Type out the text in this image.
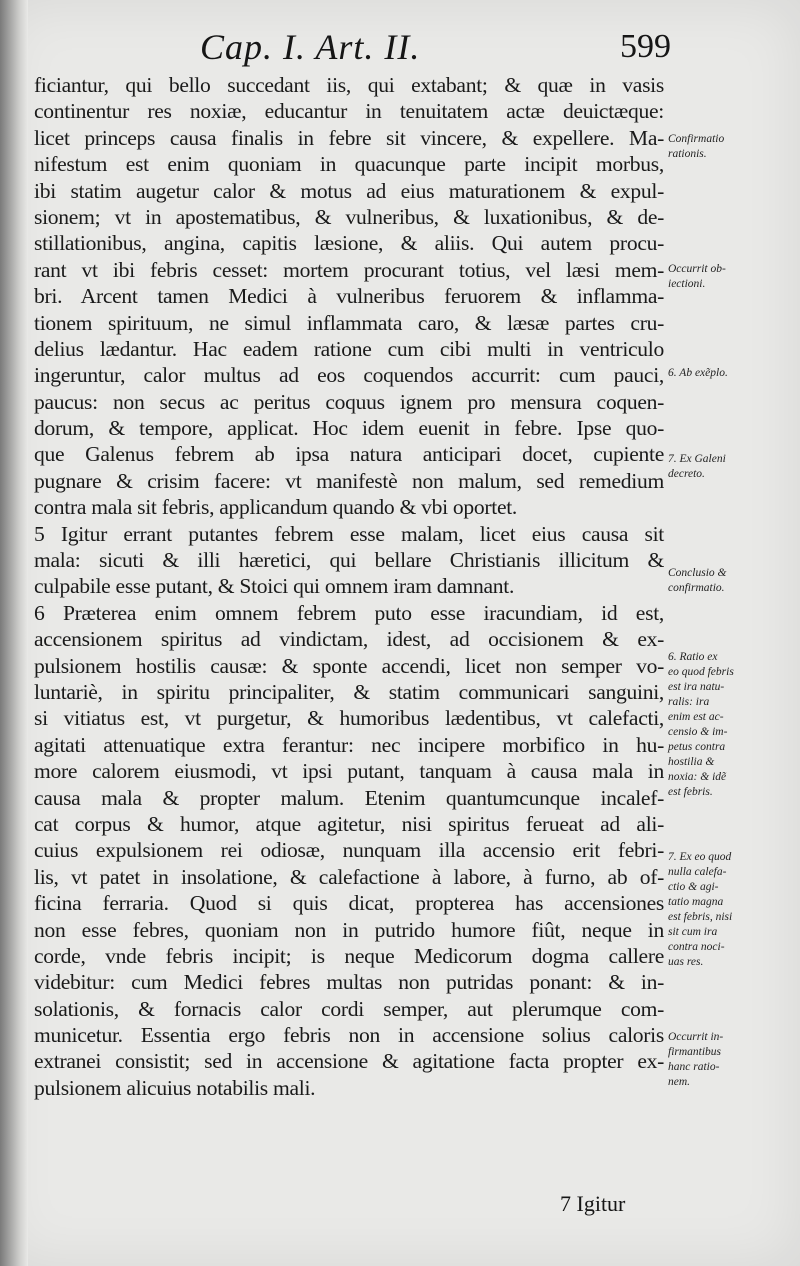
Cap. I. Art. II.	599
ficiantur, qui bello succedant iis, qui extabant; & quæ in vasis
continentur res noxiæ, educantur in tenuitatem actæ deuictæque:
licet princeps causa finalis in febre sit vincere, & expellere. Ma-
nifestum est enim quoniam in quacunque parte incipit morbus,
ibi statim augetur calor & motus ad eius maturationem & expul-
sionem; vt in apostematibus, & vulneribus, & luxationibus, & de-
stillationibus, angina, capitis læsione, & aliis. Qui autem procu-
rant vt ibi febris cesset: mortem procurant totius, vel læsi mem-
bri. Arcent tamen Medici à vulneribus feruorem & inflamma-
tionem spirituum, ne simul inflammata caro, & læsæ partes cru-
delius lædantur. Hac eadem ratione cum cibi multi in ventriculo
ingeruntur, calor multus ad eos coquendos accurrit: cum pauci,
paucus: non secus ac peritus coquus ignem pro mensura coquen-
dorum, & tempore, applicat. Hoc idem euenit in febre. Ipse quo-
que Galenus febrem ab ipsa natura anticipari docet, cupiente
pugnare & crisim facere: vt manifestè non malum, sed remedium
contra mala sit febris, applicandum quando & vbi oportet.
5 Igitur errant putantes febrem esse malam, licet eius causa sit
mala: sicuti & illi hæretici, qui bellare Christianis illicitum &
culpabile esse putant, & Stoici qui omnem iram damnant.
6 Præterea enim omnem febrem puto esse iracundiam, id est,
accensionem spiritus ad vindictam, idest, ad occisionem & ex-
pulsionem hostilis causæ: & sponte accendi, licet non semper vo-
luntariè, in spiritu principaliter, & statim communicari sanguini,
si vitiatus est, vt purgetur, & humoribus lædentibus, vt calefacti,
agitati attenuatique extra ferantur: nec incipere morbifico in hu-
more calorem eiusmodi, vt ipsi putant, tanquam à causa mala in
causa mala & propter malum. Etenim quantumcunque incalef-
cat corpus & humor, atque agitetur, nisi spiritus ferueat ad ali-
cuius expulsionem rei odiosæ, nunquam illa accensio erit febri-
lis, vt patet in insolatione, & calefactione à labore, à furno, ab of-
ficina ferraria. Quod si quis dicat, propterea has accensiones
non esse febres, quoniam non in putrido humore fiût, neque in
corde, vnde febris incipit; is neque Medicorum dogma callere
videbitur: cum Medici febres multas non putridas ponant: & in-
solationis, & fornacis calor cordi semper, aut plerumque com-
municetur. Essentia ergo febris non in accensione solius caloris
extranei consistit; sed in accensione & agitatione facta propter ex-
pulsionem alicuius notabilis mali.
Confirmatio
rationis.
Occurrit ob-
iectioni.
6. Ab exẽplo.
7. Ex Galeni
decreto.
Conclusio &
confirmatio.
6. Ratio ex
eo quod febris
est ira natu-
ralis: ira
enim est ac-
censio & im-
petus contra
hostilia &
noxia: & idẽ
est febris.
7. Ex eo quod
nulla calefa-
ctio & agi-
tatio magna
est febris, nisi
sit cum ira
contra noci-
uas res.
Occurrit in-
firmantibus
hanc ratio-
nem.
7 Igitur
